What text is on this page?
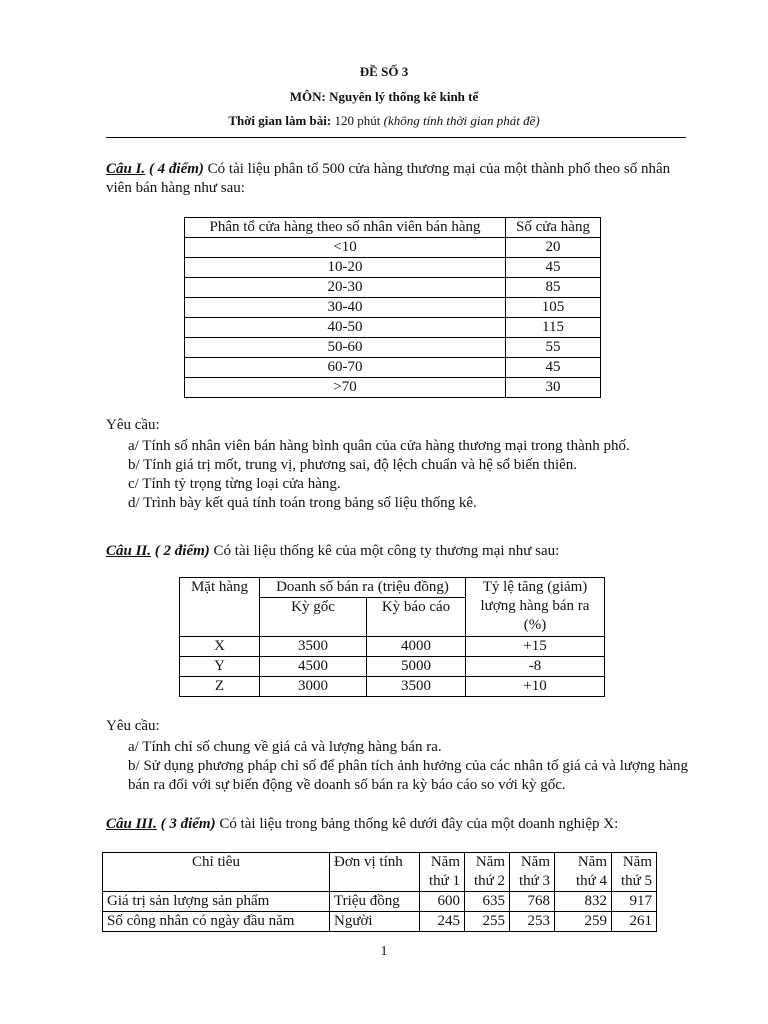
ĐỀ SỐ 3
MÔN: Nguyên lý thống kê kinh tế
Thời gian làm bài: 120 phút (không tính thời gian phát đề)
Câu I. ( 4 điểm) Có tài liệu phân tổ 500 cửa hàng thương mại của một thành phố theo số nhân viên bán hàng như sau:
Phân tổ cửa hàng theo số nhân viên bán hàng	Số cửa hàng
<10	20
10-20	45
20-30	85
30-40	105
40-50	115
50-60	55
60-70	45
>70	30
Yêu cầu:
a/ Tính số nhân viên bán hàng bình quân của cửa hàng thương mại trong thành phố.
b/ Tính giá trị mốt, trung vị, phương sai, độ lệch chuẩn và hệ số biến thiên.
c/ Tính tỷ trọng từng loại cửa hàng.
d/ Trình bày kết quả tính toán trong bảng số liệu thống kê.
Câu II. ( 2 điểm) Có tài liệu thống kê của một công ty thương mại như sau:
Mặt hàng	Doanh số bán ra (triệu đồng)		Tỷ lệ tăng (giảm) lượng hàng bán ra (%)
	Kỳ gốc	Kỳ báo cáo	
X	3500	4000	+15
Y	4500	5000	-8
Z	3000	3500	+10
Yêu cầu:
a/ Tính chỉ số chung về giá cả và lượng hàng bán ra.
b/ Sử dụng phương pháp chỉ số để phân tích ảnh hưởng của các nhân tố giá cả và lượng hàng bán ra đối với sự biến động về doanh số bán ra kỳ báo cáo so với kỳ gốc.
Câu III. ( 3 điểm) Có tài liệu trong bảng thống kê dưới đây của một doanh nghiệp X:
Chỉ tiêu	Đơn vị tính	Năm thứ 1	Năm thứ 2	Năm thứ 3	Năm thứ 4	Năm thứ 5
Giá trị sản lượng sản phẩm	Triệu đồng	600	635	768	832	917
Số công nhân có ngày đầu năm	Người	245	255	253	259	261
1
